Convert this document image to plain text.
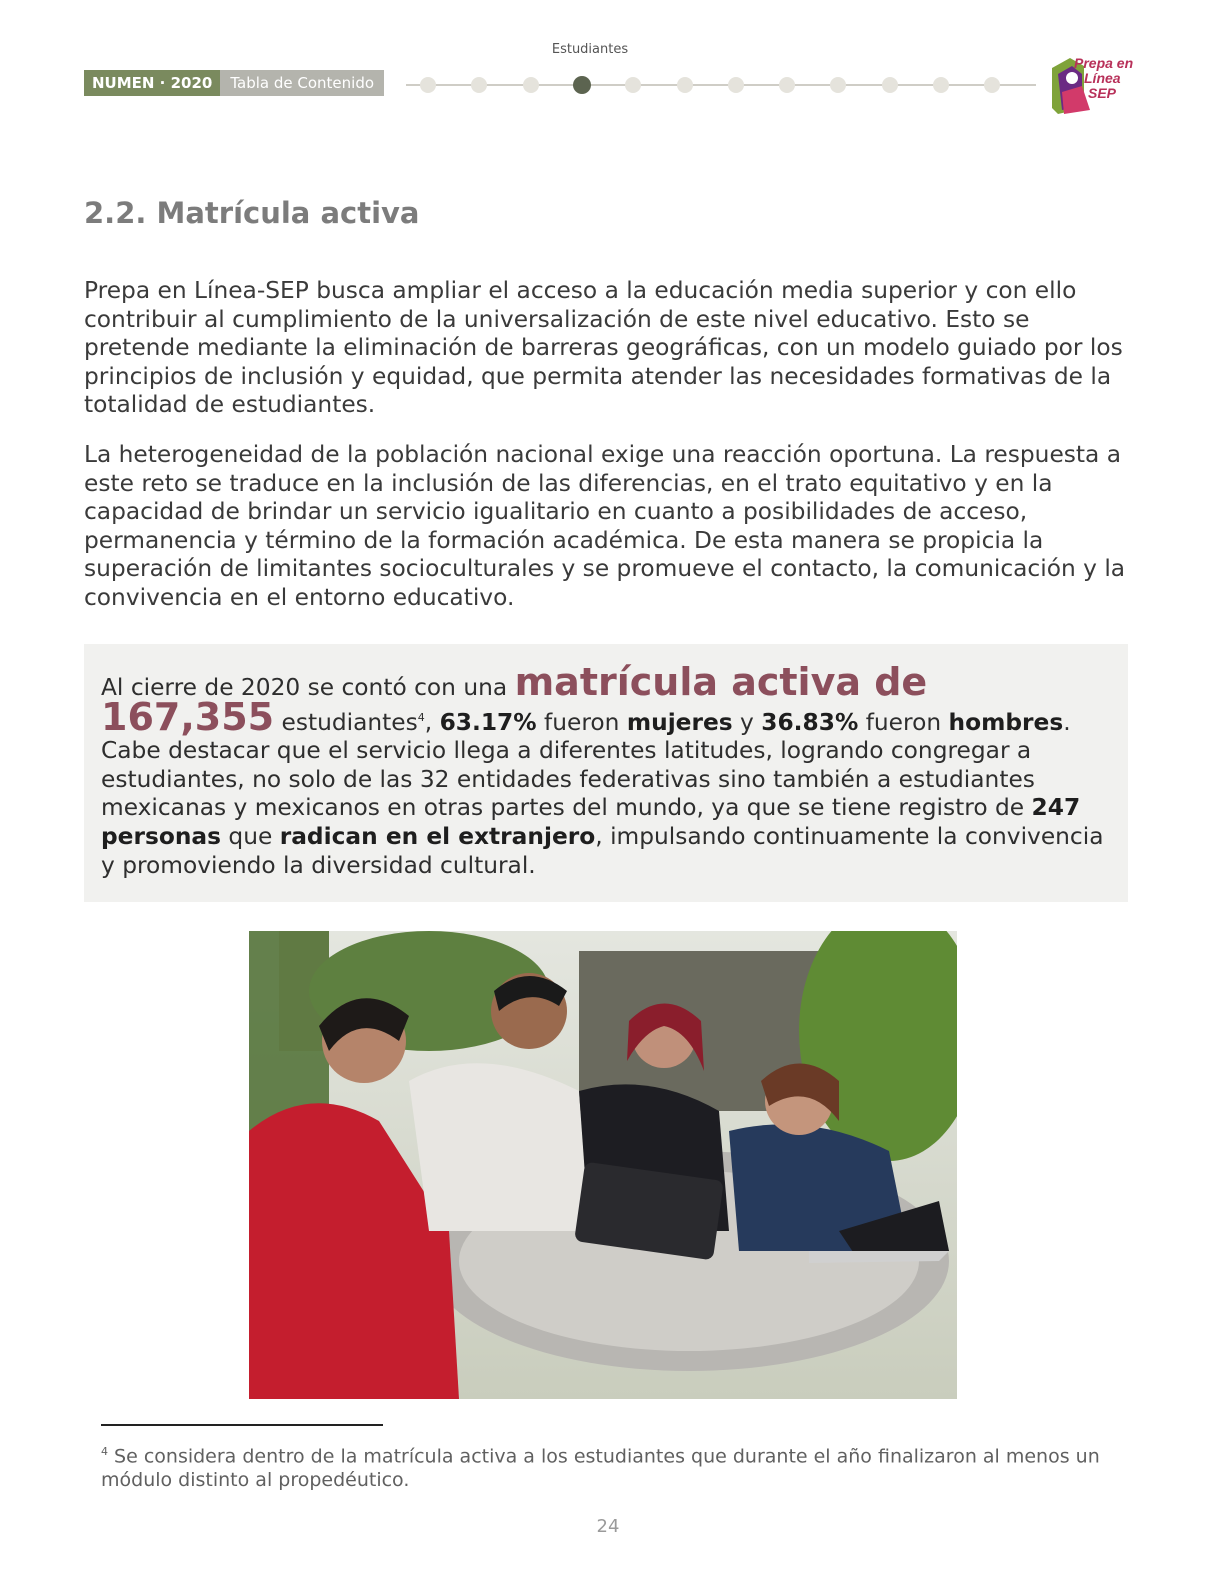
Estudiantes
NUMEN · 2020	Tabla de Contenido
Prepa en
Línea
SEP
2.2. Matrícula activa

Prepa en Línea-SEP busca ampliar el acceso a la educación media superior y con ello contribuir al cumplimiento de la universalización de este nivel educativo. Esto se pretende mediante la eliminación de barreras geográficas, con un modelo guiado por los principios de inclusión y equidad, que permita atender las necesidades formativas de la totalidad de estudiantes.

La heterogeneidad de la población nacional exige una reacción oportuna. La respuesta a este reto se traduce en la inclusión de las diferencias, en el trato equitativo y en la capacidad de brindar un servicio igualitario en cuanto a posibilidades de acceso, permanencia y término de la formación académica. De esta manera se propicia la superación de limitantes socioculturales y se promueve el contacto, la comunicación y la convivencia en el entorno educativo.

Al cierre de 2020 se contó con una matrícula activa de 167,355 estudiantes$^4$, 63.17% fueron mujeres y 36.83% fueron hombres. Cabe destacar que el servicio llega a diferentes latitudes, logrando congregar a estudiantes, no solo de las 32 entidades federativas sino también a estudiantes mexicanas y mexicanos en otras partes del mundo, ya que se tiene registro de 247 personas que radican en el extranjero, impulsando continuamente la convivencia y promoviendo la diversidad cultural.

$^4$ Se considera dentro de la matrícula activa a los estudiantes que durante el año finalizaron al menos un módulo distinto al propedéutico.

24
